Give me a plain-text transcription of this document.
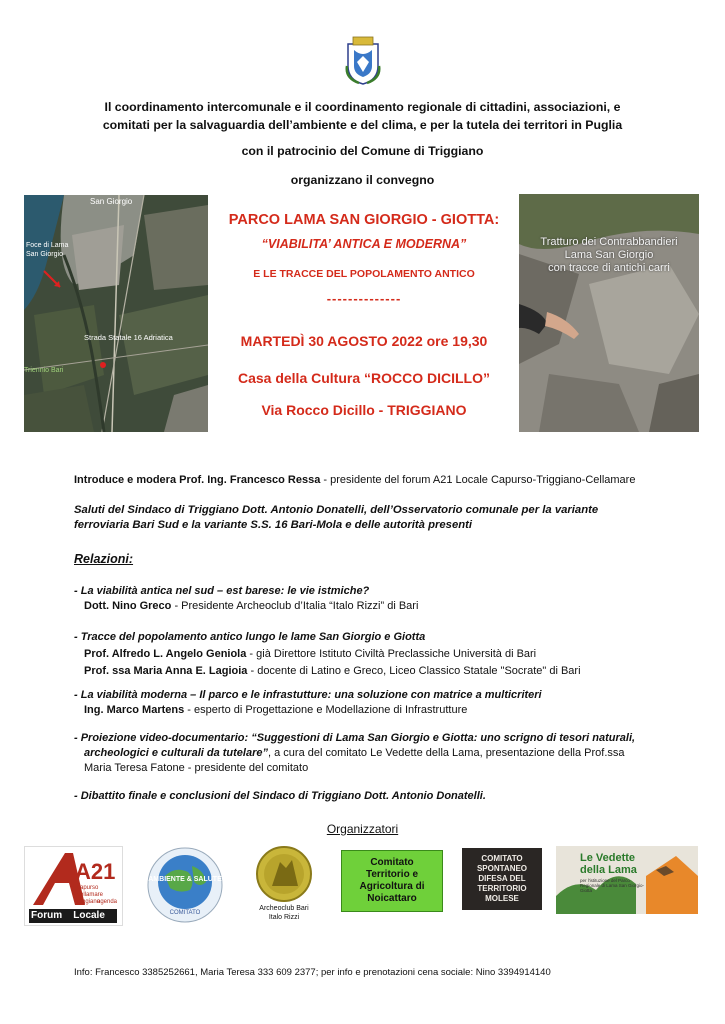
Il coordinamento intercomunale e il coordinamento regionale di cittadini, associazioni, e
comitati per la salvaguardia dell’ambiente e del clima, e per la tutela dei territori in Puglia
con il patrocinio del Comune di Triggiano
organizzano il convegno
San Giorgio
Foce di Lama San Giorgio
Strada Statale 16 Adriatica
Triennio Bari
Tratturo dei Contrabbandieri
Lama San Giorgio
con tracce di antichi carri
PARCO LAMA SAN GIORGIO - GIOTTA:
“VIABILITA’ ANTICA E MODERNA”
E LE TRACCE DEL POPOLAMENTO ANTICO
--------------
MARTEDÌ 30 AGOSTO 2022 ore 19,30
Casa della Cultura “ROCCO DICILLO”
Via Rocco Dicillo - TRIGGIANO
Introduce e modera Prof. Ing. Francesco Ressa - presidente del forum A21 Locale Capurso-Triggiano-Cellamare
Saluti del Sindaco di Triggiano Dott. Antonio Donatelli, dell’Osservatorio comunale per la variante
ferroviaria Bari Sud e la variante S.S. 16 Bari-Mola e delle autorità presenti
Relazioni:
- La viabilità antica nel sud – est barese: le vie istmiche?
Dott. Nino Greco - Presidente Archeoclub d’Italia “Italo Rizzi” di Bari
- Tracce del popolamento antico lungo le lame San Giorgio e Giotta
Prof. Alfredo L. Angelo Geniola - già Direttore Istituto Civiltà Preclassiche Università di Bari
Prof. ssa Maria Anna E. Lagioia - docente di Latino e Greco, Liceo Classico Statale "Socrate" di Bari
- La viabilità moderna – Il parco e le infrastutture: una soluzione con matrice a multicriteri
Ing. Marco Martens - esperto di Progettazione e Modellazione di Infrastrutture
- Proiezione video-documentario: “Suggestioni di Lama San Giorgio e Giotta: uno scrigno di tesori naturali,
archeologici e culturali da tutelare”, a cura del comitato Le Vedette della Lama, presentazione della Prof.ssa
Maria Teresa Fatone - presidente del comitato
- Dibattito finale e conclusioni del Sindaco di Triggiano Dott. Antonio Donatelli.
Organizzatori
A21
capurso cellamare triggiano
agenda
Forum    Locale
AMBIENTE & SALUTE
COMITATO
Archeoclub Bari
Italo Rizzi
Comitato Territorio e Agricoltura di Noicattaro
COMITATO SPONTANEO DIFESA DEL TERRITORIO MOLESE
Le Vedette
della Lama
per l'istituzione del Parco Regionale di Lama San Giorgio-Giotta
Info: Francesco 3385252661, Maria Teresa 333 609 2377; per info e prenotazioni cena sociale: Nino 3394914140
